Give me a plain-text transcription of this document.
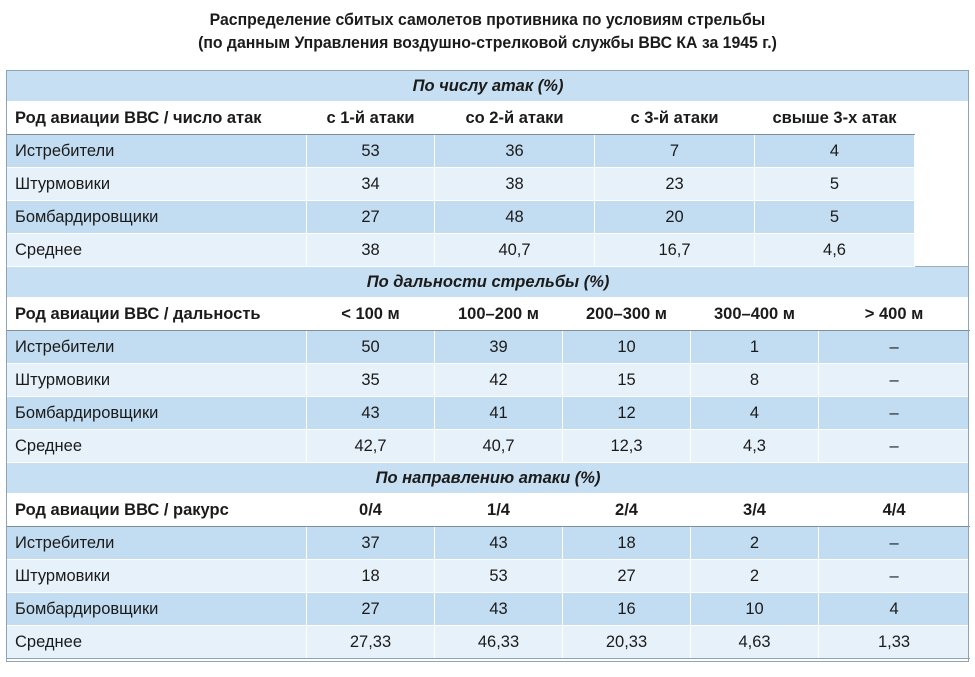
Распределение сбитых самолетов противника по условиям стрельбы
(по данным Управления воздушно-стрелковой службы ВВС КА за 1945 г.)
По числу атак (%)							
Род авиации ВВС / число атак	с 1-й атаки	со 2-й атаки		с 3-й атаки		свыше 3-х атак	
Истребители	53	36		7		4	
Штурмовики	34	38		23		5	
Бомбардировщики	27	48		20		5	
Среднее	38	40,7		16,7		4,6	
По дальности стрельбы (%)							
Род авиации ВВС / дальность	< 100 м	100–200 м	200–300 м		300–400 м		> 400 м
Истребители	50	39	10		1		–
Штурмовики	35	42	15		8		–
Бомбардировщики	43	41	12		4		–
Среднее	42,7	40,7	12,3		4,3		–
По направлению атаки (%)							
Род авиации ВВС / ракурс	0/4	1/4	2/4		3/4		4/4
Истребители	37	43	18		2		–
Штурмовики	18	53	27		2		–
Бомбардировщики	27	43	16		10		4
Среднее	27,33	46,33	20,33		4,63		1,33
